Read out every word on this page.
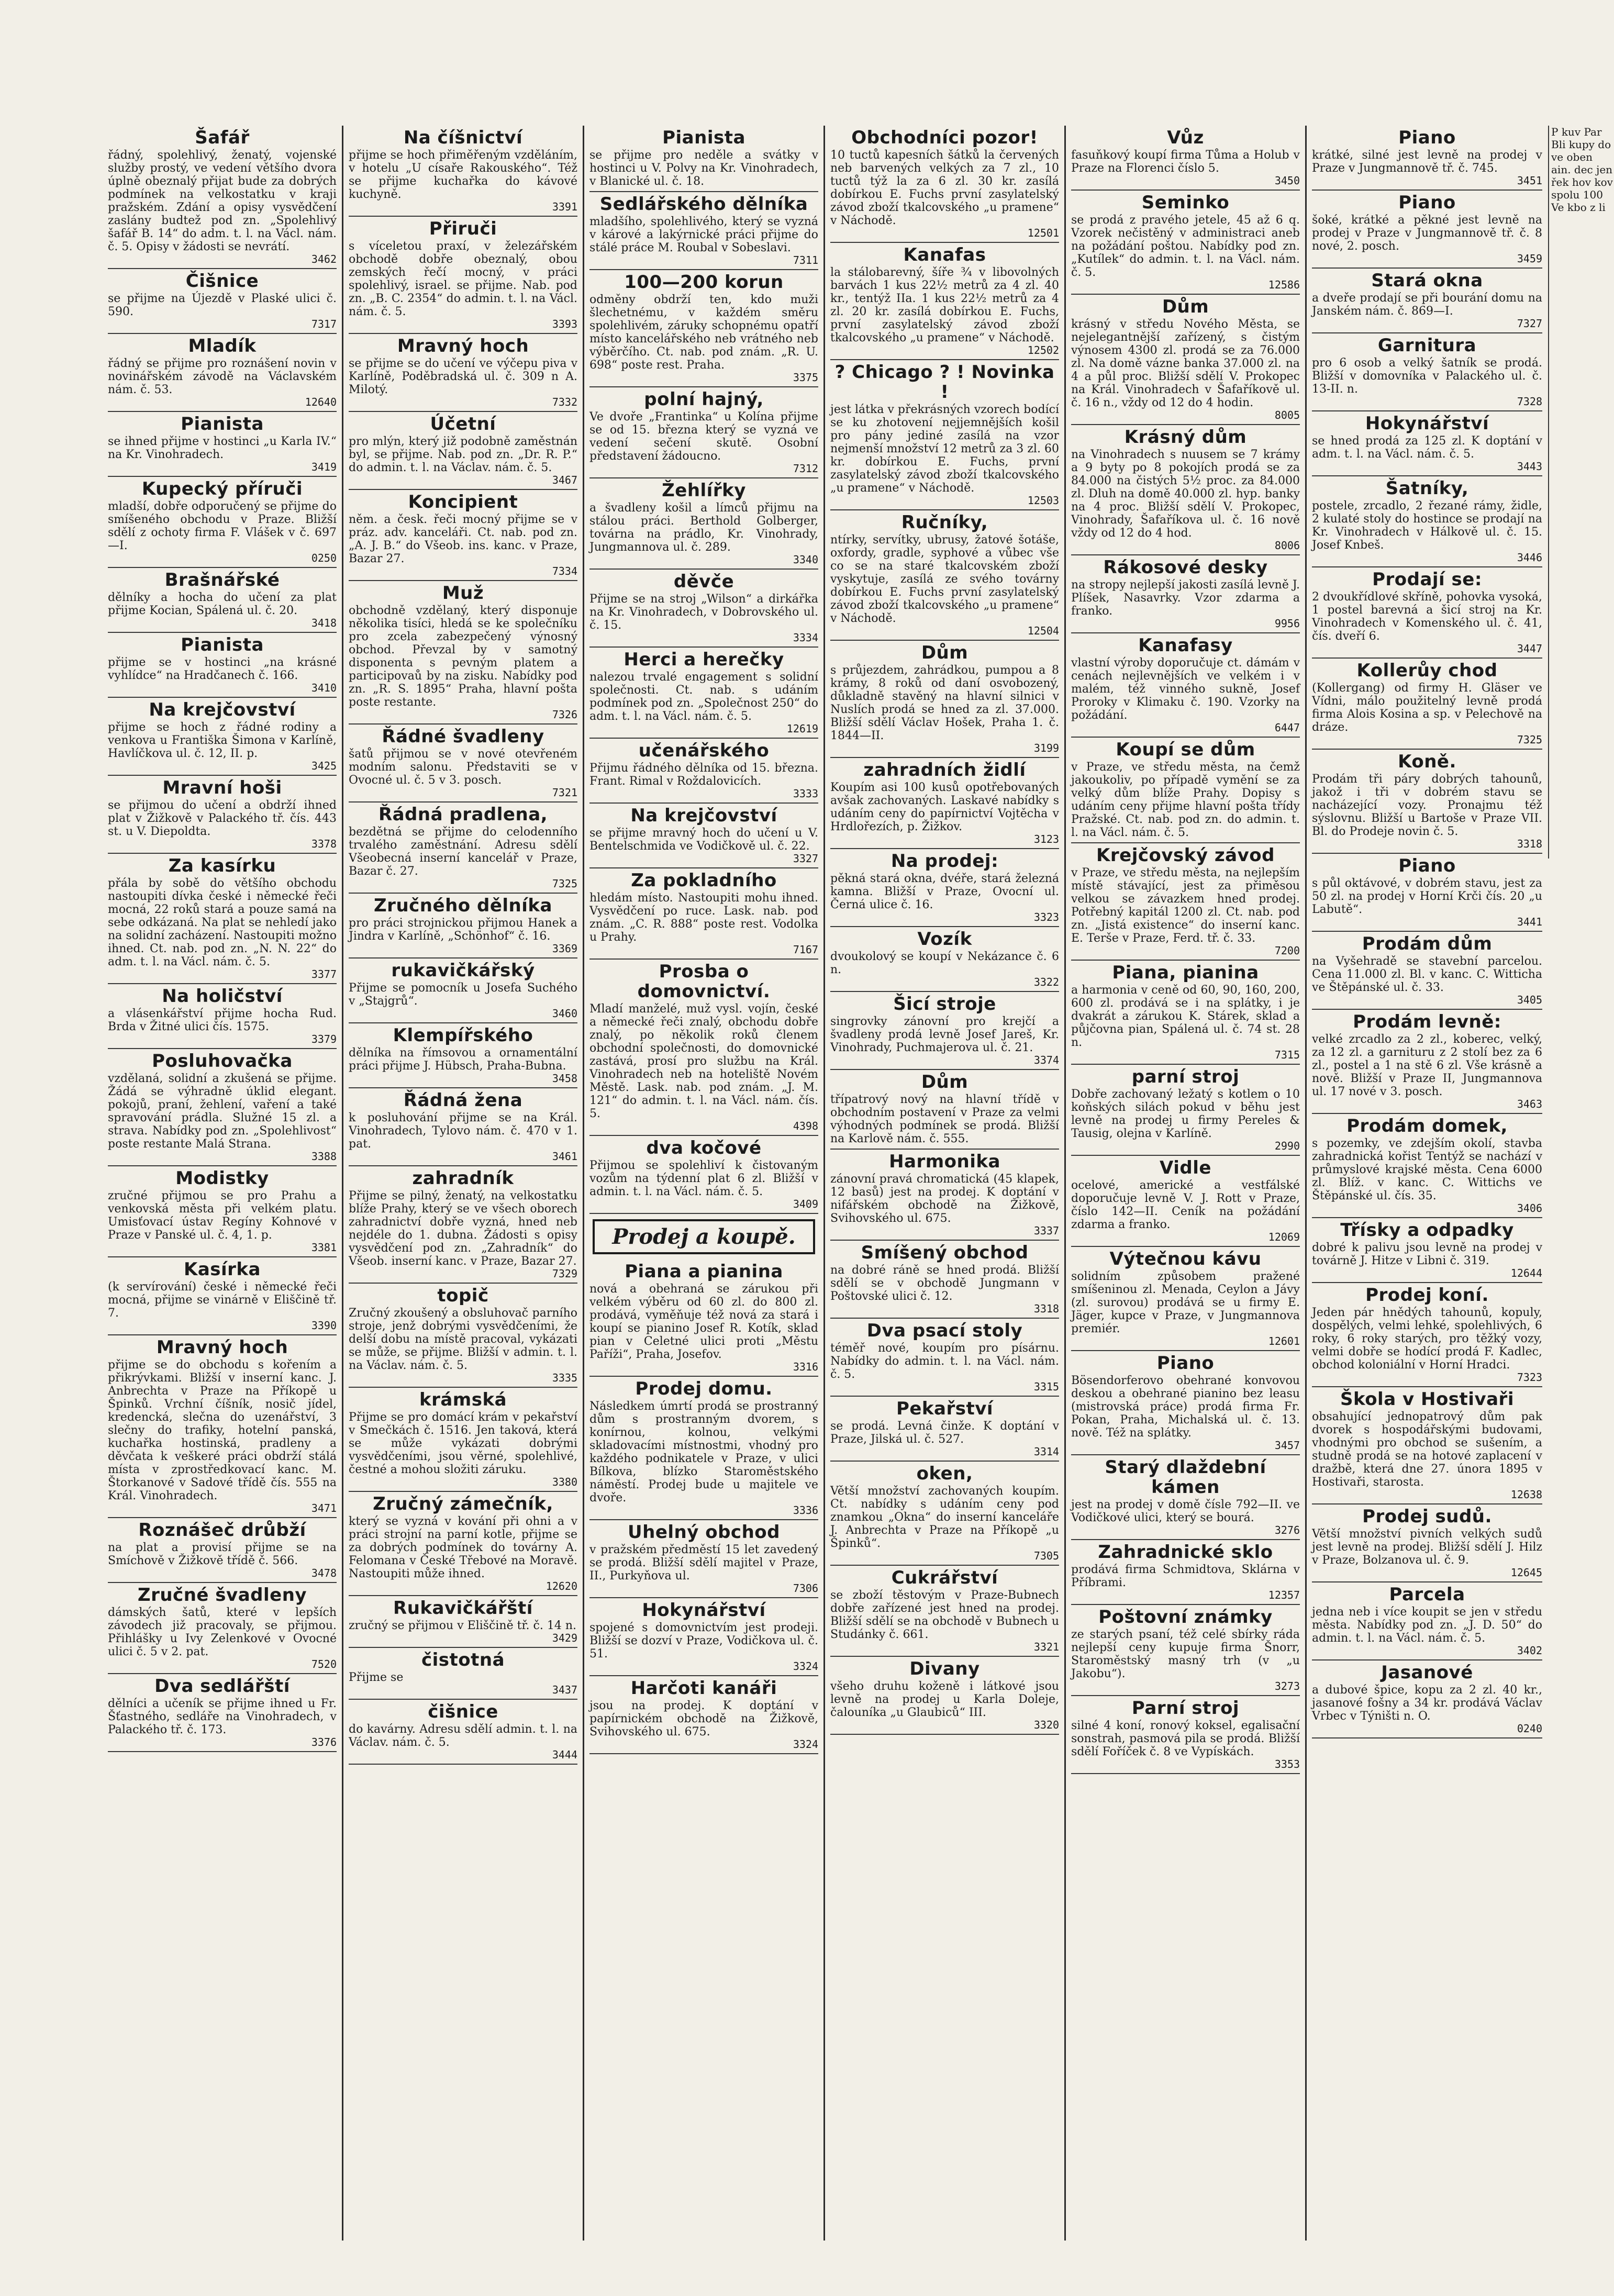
Šafář

řádný, spolehlivý, ženatý, vojenské služby prostý, ve vedení většího dvora úplně obeznalý přijat bude za dobrých podmínek na velkostatku v kraji pražském. Zdání a opisy vysvědčení zaslány budtež pod zn. „Spolehlivý šafář B. 14“ do adm. t. l. na Václ. nám. č. 5. Opisy v žádosti se nevrátí.

3462
Čišnice

se přijme na Újezdě v Plaské ulici č. 590.

7317
Mladík

řádný se přijme pro roznášení novin v novinářském závodě na Václavském nám. č. 53.

12640
Pianista

se ihned přijme v hostinci „u Karla IV.“ na Kr. Vinohradech.

3419
Kupecký příruči

mladší, dobře odporučený se přijme do smíšeného obchodu v Praze. Bližší sdělí z ochoty firma F. Vlášek v č. 697—I.

0250
Brašnářské

dělníky a hocha do učení za plat přijme Kocian, Spálená ul. č. 20.

3418
Pianista

přijme se v hostinci „na krásné vyhlídce“ na Hradčanech č. 166.

3410
Na krejčovství

přijme se hoch z řádné rodiny a venkova u Františka Šimona v Karlíně, Havlíčkova ul. č. 12, II. p.

3425
Mravní hoši

se přijmou do učení a obdrží ihned plat v Žižkově v Palackého tř. čís. 443 st. u V. Diepoldta.

3378
Za kasírku

přála by sobě do většího obchodu nastoupiti dívka české i německé řeči mocná, 22 roků stará a pouze samá na sebe odkázaná. Na plat se nehledí jako na solidní zacházení. Nastoupiti možno ihned. Ct. nab. pod zn. „N. N. 22“ do adm. t. l. na Václ. nám. č. 5.

3377
Na holičství

a vlásenkářství přijme hocha Rud. Brda v Žitné ulici čís. 1575.

3379
Posluhovačka

vzdělaná, solidní a zkušená se přijme. Žádá se výhradně úklid elegant. pokojů, praní, žehlení, vaření a také spravování prádla. Služné 15 zl. a strava. Nabídky pod zn. „Spolehlivost“ poste restante Malá Strana.

3388
Modistky

zručné přijmou se pro Prahu a venkovská města při velkém platu. Umisťovací ústav Regíny Kohnové v Praze v Panské ul. č. 4, 1. p.

3381
Kasírka

(k servírování) české i německé řeči mocná, přijme se vinárně v Eliščině tř. 7.

3390
Mravný hoch

přijme se do obchodu s kořením a přikrývkami. Bližší v inserní kanc. J. Anbrechta v Praze na Příkopě u Špinků. Vrchní číšník, nosič jídel, kredencká, slečna do uzenářství, 3 slečny do trafiky, hotelní panská, kuchařka hostinská, pradleny a děvčata k veškeré práci obdrží stálá místa v zprostředkovací kanc. M. Štorkanové v Sadové třídě čís. 555 na Král. Vinohradech.

3471
Roznášeč drůbží

na plat a provisí přijme se na Smíchově v Žižkově třídě č. 566.

3478
Zručné švadleny

dámských šatů, které v lepších závodech již pracovaly, se přijmou. Přihlášky u Ivy Zelenkové v Ovocné ulici č. 5 v 2. pat.

7520
Dva sedlářští

dělníci a učeník se přijme ihned u Fr. Šťastného, sedláře na Vinohradech, v Palackého tř. č. 173.

3376
Na číšnictví

přijme se hoch přiměřeným vzděláním, v hotelu „U císaře Rakouského“. Též se přijme kuchařka do kávové kuchyně.

3391
Přiruči

s víceletou praxí, v železářském obchodě dobře obeznalý, obou zemských řečí mocný, v práci spolehlivý, israel. se přijme. Nab. pod zn. „B. C. 2354“ do admin. t. l. na Václ. nám. č. 5.

3393
Mravný hoch

se přijme se do učení ve výčepu piva v Karlíně, Poděbradská ul. č. 309 n A. Milotý.

7332
Účetní

pro mlýn, který již podobně zaměstnán byl, se přijme. Nab. pod zn. „Dr. R. P.“ do admin. t. l. na Václav. nám. č. 5.

3467
Koncipient

něm. a česk. řeči mocný přijme se v práz. adv. kanceláři. Ct. nab. pod zn. „A. J. B.“ do Všeob. ins. kanc. v Praze, Bazar 27.

7334
Muž

obchodně vzdělaný, který disponuje několika tisíci, hledá se ke společníku pro zcela zabezpečený výnosný obchod. Převzal by v samotný disponenta s pevným platem a participovaů by na zisku. Nabídky pod zn. „R. S. 1895“ Praha, hlavní pošta poste restante.

7326
Řádné švadleny

šatů přijmou se v nové otevřeném modním salonu. Představiti se v Ovocné ul. č. 5 v 3. posch.

7321
Řádná pradlena,

bezdětná se přijme do celodenního trvalého zaměstnání. Adresu sdělí Všeobecná inserní kancelář v Praze, Bazar č. 27.

7325
Zručného dělníka

pro práci strojnickou přijmou Hanek a Jindra v Karlíně, „Schönhof“ č. 16.

3369
rukavičkářský

Přijme se pomocník u Josefa Suchého v „Stajgrů“.

3460
Klempířského

dělníka na římsovou a ornamentální práci přijme J. Hübsch, Praha-Bubna.

3458
Řádná žena

k posluhování přijme se na Král. Vinohradech, Tylovo nám. č. 470 v 1. pat.

3461
zahradník

Přijme se pilný, ženatý, na velkostatku blíže Prahy, který se ve všech oborech zahradnictví dobře vyzná, hned neb nejdéle do 1. dubna. Žádosti s opisy vysvědčení pod zn. „Zahradník“ do Všeob. inserní kanc. v Praze, Bazar 27.

7329
topič

Zručný zkoušený a obsluhovač parního stroje, jenž dobrými vysvědčeními, že delší dobu na místě pracoval, vykázati se může, se přijme. Bližší v admin. t. l. na Václav. nám. č. 5.

3335
krámská

Přijme se pro domácí krám v pekařství v Smečkách č. 1516. Jen taková, která se může vykázati dobrými vysvědčeními, jsou věrné, spolehlivé, čestné a mohou složiti záruku.

3380
Zručný zámečník,

který se vyzná v kování při ohni a v práci strojní na parní kotle, přijme se za dobrých podmínek do továrny A. Felomana v České Třebové na Moravě. Nastoupiti může ihned.

12620
Rukavičkářští

zručný se přijmou v Eliščině tř. č. 14 n.

3429
čistotná

Přijme se

3437
čišnice

do kavárny. Adresu sdělí admin. t. l. na Václav. nám. č. 5.

3444
Pianista

se přijme pro neděle a svátky v hostinci u V. Polvy na Kr. Vinohradech, v Blanické ul. č. 18.

Sedlářského dělníka

mladšího, spolehlivého, který se vyzná v kárové a lakýrnické práci přijme do stálé práce M. Roubal v Sobeslavi.

7311
100—200 korun

odměny obdrží ten, kdo muži šlechetnému, v každém směru spolehlivém, záruky schopnému opatří místo kancelářského neb vrátného neb výběrčího. Ct. nab. pod znám. „R. U. 698“ poste rest. Praha.

3375
polní hajný,

Ve dvoře „Frantinka“ u Kolína přijme se od 15. března který se vyzná ve vedení sečení skutě. Osobní představení žádoucno.

7312
Žehlířky

a švadleny košil a límců přijmu na stálou práci. Berthold Golberger, továrna na prádlo, Kr. Vinohrady, Jungmannova ul. č. 289.

3340
děvče

Přijme se na stroj „Wilson“ a dirkářka na Kr. Vinohradech, v Dobrovského ul. č. 15.

3334
Herci a herečky

nalezou trvalé engagement s solidní společnosti. Ct. nab. s udáním podmínek pod zn. „Společnost 250“ do adm. t. l. na Václ. nám. č. 5.

12619
učenářského

Přijmu řádného dělníka od 15. března. Frant. Rimal v Roždalovicích.

3333
Na krejčovství

se přijme mravný hoch do učení u V. Bentelschmida ve Vodičkově ul. č. 22.

3327
Za pokladního

hledám místo. Nastoupiti mohu ihned. Vysvědčení po ruce. Lask. nab. pod znám. „C. R. 888“ poste rest. Vodolka u Prahy.

7167
Prosba o domovnictví.

Mladí manželé, muž vysl. vojín, české a německé řeči znalý, obchodu dobře znalý, po několik roků členem obchodní společnosti, do domovnické zastává, prosí pro službu na Král. Vinohradech neb na hoteliště Novém Městě. Lask. nab. pod znám. „J. M. 121“ do admin. t. l. na Václ. nám. čís. 5.

4398
dva kočové

Přijmou se spolehliví k čistovaným vozům na týdenní plat 6 zl. Bližší v admin. t. l. na Václ. nám. č. 5.

3409
Prodej a koupě.
Piana a pianina

nová a obehraná se zárukou při velkém výběru od 60 zl. do 800 zl. prodává, vyměňuje též nová za stará i koupí se pianino Josef R. Kotík, sklad pian v Celetné ulici proti „Městu Paříži“, Praha, Josefov.

3316
Prodej domu.

Následkem úmrtí prodá se prostranný dům s prostranným dvorem, s konírnou, kolnou, velkými skladovacími místnostmi, vhodný pro každého podnikatele v Praze, v ulici Bílkova, blízko Staroměstského náměstí. Prodej bude u majitele ve dvoře.

3336
Uhelný obchod

v pražském předměstí 15 let zavedený se prodá. Bližší sdělí majitel v Praze, II., Purkyňova ul.

7306
Hokynářství

spojené s domovnictvím jest prodeji. Bližší se dozví v Praze, Vodičkova ul. č. 51.

3324
Harčoti kanáři

jsou na prodej. K doptání v papírnickém obchodě na Žižkově, Svihovského ul. 675.

3324
Obchodníci pozor!

10 tuctů kapesních šátků la červených neb barvených velkých za 7 zl., 10 tuctů týž la za 6 zl. 30 kr. zasílá dobírkou E. Fuchs první zasylatelský závod zboží tkalcovského „u pramene“ v Náchodě.

12501
Kanafas

la stálobarevný, šíře ¾ v libovolných barvách 1 kus 22½ metrů za 4 zl. 40 kr., tentýž IIa. 1 kus 22½ metrů za 4 zl. 20 kr. zasílá dobírkou E. Fuchs, první zasylatelský závod zboží tkalcovského „u pramene“ v Náchodě.

12502
? Chicago ? ! Novinka !

jest látka v překrásných vzorech bodící se ku zhotovení nejjemnějších košil pro pány jediné zasílá na vzor nejmenší množství 12 metrů za 3 zl. 60 kr. dobírkou E. Fuchs, první zasylatelský závod zboží tkalcovského „u pramene“ v Náchodě.

12503
Ručníky,

ntírky, servítky, ubrusy, žatové šotáše, oxfordy, gradle, syphové a vůbec vše co se na staré tkalcovském zboží vyskytuje, zasílá ze svého továrny dobírkou E. Fuchs první zasylatelský závod zboží tkalcovského „u pramene“ v Náchodě.

12504
Dům

s průjezdem, zahrádkou, pumpou a 8 krámy, 8 roků od daní osvobozený, důkladně stavěný na hlavní silnici v Nuslích prodá se hned za zl. 37.000. Bližší sdělí Václav Hošek, Praha 1. č. 1844—II.

3199
zahradních židlí

Koupím asi 100 kusů opotřebovaných avšak zachovaných. Laskavé nabídky s udáním ceny do papírnictví Vojtěcha v Hrdlořezích, p. Žižkov.

3123
Na prodej:

pěkná stará okna, dvéře, stará železná kamna. Bližší v Praze, Ovocní ul. Černá ulice č. 16.

3323
Vozík

dvoukolový se koupí v Nekázance č. 6 n.

3322
Šicí stroje

singrovky zánovní pro krejčí a švadleny prodá levně Josef Jareš, Kr. Vinohrady, Puchmajerova ul. č. 21.

3374
Dům

třípatrový nový na hlavní třídě v obchodním postavení v Praze za velmi výhodných podmínek se prodá. Bližší na Karlově nám. č. 555.

Harmonika

zánovní pravá chromatická (45 klapek, 12 basů) jest na prodej. K doptání v nifářském obchodě na Žižkově, Svihovského ul. 675.

3337
Smíšený obchod

na dobré ráně se hned prodá. Bližší sdělí se v obchodě Jungmann v Poštovské ulici č. 12.

3318
Dva psací stoly

téměř nové, koupím pro písárnu. Nabídky do admin. t. l. na Václ. nám. č. 5.

3315
Pekařství

se prodá. Levná činže. K doptání v Praze, Jilská ul. č. 527.

3314
oken,

Větší množství zachovaných koupím. Ct. nabídky s udáním ceny pod znamkou „Okna“ do inserní kanceláře J. Anbrechta v Praze na Příkopě „u Špinků“.

7305
Cukrářství

se zboží těstovým v Praze-Bubnech dobře zařízené jest hned na prodej. Bližší sdělí se na obchodě v Bubnech u Studánky č. 661.

3321
Divany

všeho druhu koženě i látkové jsou levně na prodej u Karla Doleje, čalouníka „u Glaubiců“ III.

3320
Vůz

fasuňkový koupí firma Tůma a Holub v Praze na Florenci číslo 5.

3450
Seminko

se prodá z pravého jetele, 45 až 6 q. Vzorek nečistěný v administraci aneb na požádání poštou. Nabídky pod zn. „Kutílek“ do admin. t. l. na Václ. nám. č. 5.

12586
Dům

krásný v středu Nového Města, se nejelegantnější zařízený, s čistým výnosem 4300 zl. prodá se za 76.000 zl. Na domě vázne banka 37.000 zl. na 4 a půl proc. Bližší sdělí V. Prokopec na Král. Vinohradech v Šafaříkově ul. č. 16 n., vždy od 12 do 4 hodin.

8005
Krásný dům

na Vinohradech s nuusem se 7 krámy a 9 byty po 8 pokojích prodá se za 84.000 na čistých 5½ proc. za 84.000 zl. Dluh na domě 40.000 zl. hyp. banky na 4 proc. Bližší sdělí V. Prokopec, Vinohrady, Šafaříkova ul. č. 16 nově vždy od 12 do 4 hod.

8006
Rákosové desky

na stropy nejlepší jakosti zasílá levně J. Plíšek, Nasavrky. Vzor zdarma a franko.

9956
Kanafasy

vlastní výroby doporučuje ct. dámám v cenách nejlevnějších ve velkém i v malém, též vinného sukně, Josef Proroky v Klimaku č. 190. Vzorky na požádání.

6447
Koupí se dům

v Praze, ve středu města, na čemž jakoukoliv, po případě vymění se za velký dům blíže Prahy. Dopisy s udáním ceny přijme hlavní pošta třídy Pražské. Ct. nab. pod zn. do admin. t. l. na Václ. nám. č. 5.

Krejčovský závod

v Praze, ve středu města, na nejlepším místě stávající, jest za přiměsou velkou se závazkem hned prodej. Potřebný kapitál 1200 zl. Ct. nab. pod zn. „Jistá existence“ do inserní kanc. E. Terše v Praze, Ferd. tř. č. 33.

7200
Piana, pianina

a harmonia v ceně od 60, 90, 160, 200, 600 zl. prodává se i na splátky, i je dvakrát a zárukou K. Stárek, sklad a půjčovna pian, Spálená ul. č. 74 st. 28 n.

7315
parní stroj

Dobře zachovaný ležatý s kotlem o 10 koňských silách pokud v běhu jest levně na prodej u firmy Pereles & Tausig, olejna v Karlíně.

2990
Vidle

ocelové, americké a vestfálské doporučuje levně V. J. Rott v Praze, číslo 142—II. Ceník na požádání zdarma a franko.

12069
Výtečnou kávu

solidním způsobem pražené smíšeninou zl. Menada, Ceylon a Jávy (zl. surovou) prodává se u firmy E. Jäger, kupce v Praze, v Jungmannova premiér.

12601
Piano

Bösendorferovo obehrané konvovou deskou a obehrané pianino bez leasu (mistrovská práce) prodá firma Fr. Pokan, Praha, Michalská ul. č. 13. nově. Též na splátky.

3457
Starý dlaždební kámen

jest na prodej v domě čísle 792—II. ve Vodičkové ulici, který se bourá.

3276
Zahradnické sklo

prodává firma Schmidtova, Sklárna v Příbrami.

12357
Poštovní známky

ze starých psaní, též celé sbírky ráda nejlepší ceny kupuje firma Šnorr, Staroměstský masný trh (v „u Jakobu“).

3273
Parní stroj

silné 4 koní, ronový koksel, egalisační sonstrah, pasmová pila se prodá. Bližší sdělí Foříček č. 8 ve Vypískách.

3353
Piano

krátké, silné jest levně na prodej v Praze v Jungmannově tř. č. 745.

3451
Piano

šoké, krátké a pěkné jest levně na prodej v Praze v Jungmannově tř. č. 8 nové, 2. posch.

3459
Stará okna

a dveře prodají se při bourání domu na Janském nám. č. 869—I.

7327
Garnitura

pro 6 osob a velký šatník se prodá. Bližší v domovníka v Palackého ul. č. 13-II. n.

7328
Hokynářství

se hned prodá za 125 zl. K doptání v adm. t. l. na Václ. nám. č. 5.

3443
Šatníky,

postele, zrcadlo, 2 řezané rámy, židle, 2 kulaté stoly do hostince se prodají na Kr. Vinohradech v Hálkově ul. č. 15. Josef Knbeš.

3446
Prodají se:

2 dvoukřídlové skříně, pohovka vysoká, 1 postel barevná a šicí stroj na Kr. Vinohradech v Komenského ul. č. 41, čís. dveří 6.

3447
Kollerůy chod

(Kollergang) od firmy H. Gläser ve Vídni, málo použitelný levně prodá firma Alois Kosina a sp. v Pelechově na dráze.

7325
Koně.

Prodám tři páry dobrých tahounů, jakož i tři v dobrém stavu se nacházející vozy. Pronajmu též sýslovnu. Bližší u Bartoše v Praze VII. Bl. do Prodeje novin č. 5.

3318
Piano

s půl oktávové, v dobrém stavu, jest za 50 zl. na prodej v Horní Krči čís. 20 „u Labutě“.

3441
Prodám dům

na Vyšehradě se stavební parcelou. Cena 11.000 zl. Bl. v kanc. C. Witticha ve Štěpánské ul. č. 33.

3405
Prodám levně:

velké zrcadlo za 2 zl., koberec, velký, za 12 zl. a garnituru z 2 stolí bez za 6 zl., postel a 1 na stě 6 zl. Vše krásně a nově. Bližší v Praze II, Jungmannova ul. 17 nové v 3. posch.

3463
Prodám domek,

s pozemky, ve zdejším okolí, stavba zahradnická kořist Tentýž se nachází v průmyslové krajské města. Cena 6000 zl. Blíž. v kanc. C. Wittichs ve Štěpánské ul. čís. 35.

3406
Třísky a odpadky

dobré k palivu jsou levně na prodej v továrně J. Hitze v Libni č. 319.

12644
Prodej koní.

Jeden pár hnědých tahounů, kopuly, dospělých, velmi lehké, spolehlivých, 6 roky, 6 roky starých, pro těžký vozy, velmi dobře se hodící prodá F. Kadlec, obchod koloniální v Horní Hradci.

7323
Škola v Hostivaři

obsahující jednopatrový dům pak dvorek s hospodářskými budovami, vhodnými pro obchod se sušením, a studně prodá se na hotové zaplacení v dražbě, která dne 27. února 1895 v Hostivaři, starosta.

12638
Prodej sudů.

Větší množství pivních velkých sudů jest levně na prodej. Bližší sdělí J. Hilz v Praze, Bolzanova ul. č. 9.

12645
Parcela

jedna neb i více koupit se jen v středu města. Nabídky pod zn. „J. D. 50“ do admin. t. l. na Václ. nám. č. 5.

3402
Jasanové

a dubové špice, kopu za 2 zl. 40 kr., jasanové fošny a 34 kr. prodává Václav Vrbec v Týništi n. O.

0240
P kuv Par Bli kupy do ve oben ain. dec jen řek hov kov spolu 100 Ve kbo z li
